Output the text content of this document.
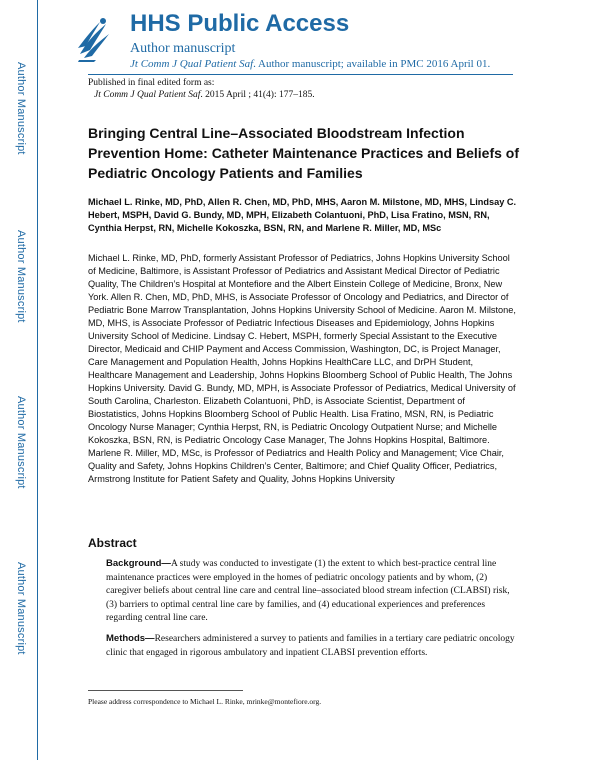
Author Manuscript
Author Manuscript
Author Manuscript
Author Manuscript
HHS Public Access
Author manuscript
Jt Comm J Qual Patient Saf. Author manuscript; available in PMC 2016 April 01.
Published in final edited form as:
Jt Comm J Qual Patient Saf. 2015 April ; 41(4): 177–185.
Bringing Central Line–Associated Bloodstream Infection Prevention Home: Catheter Maintenance Practices and Beliefs of Pediatric Oncology Patients and Families
Michael L. Rinke, MD, PhD, Allen R. Chen, MD, PhD, MHS, Aaron M. Milstone, MD, MHS, Lindsay C. Hebert, MSPH, David G. Bundy, MD, MPH, Elizabeth Colantuoni, PhD, Lisa Fratino, MSN, RN, Cynthia Herpst, RN, Michelle Kokoszka, BSN, RN, and Marlene R. Miller, MD, MSc
Michael L. Rinke, MD, PhD, formerly Assistant Professor of Pediatrics, Johns Hopkins University School of Medicine, Baltimore, is Assistant Professor of Pediatrics and Assistant Medical Director of Pediatric Quality, The Children’s Hospital at Montefiore and the Albert Einstein College of Medicine, Bronx, New York. Allen R. Chen, MD, PhD, MHS, is Associate Professor of Oncology and Pediatrics, and Director of Pediatric Bone Marrow Transplantation, Johns Hopkins University School of Medicine. Aaron M. Milstone, MD, MHS, is Associate Professor of Pediatric Infectious Diseases and Epidemiology, Johns Hopkins University School of Medicine. Lindsay C. Hebert, MSPH, formerly Special Assistant to the Executive Director, Medicaid and CHIP Payment and Access Commission, Washington, DC, is Project Manager, Care Management and Population Health, Johns Hopkins HealthCare LLC, and DrPH Student, Healthcare Management and Leadership, Johns Hopkins Bloomberg School of Public Health, The Johns Hopkins University. David G. Bundy, MD, MPH, is Associate Professor of Pediatrics, Medical University of South Carolina, Charleston. Elizabeth Colantuoni, PhD, is Associate Scientist, Department of Biostatistics, Johns Hopkins Bloomberg School of Public Health. Lisa Fratino, MSN, RN, is Pediatric Oncology Nurse Manager; Cynthia Herpst, RN, is Pediatric Oncology Outpatient Nurse; and Michelle Kokoszka, BSN, RN, is Pediatric Oncology Case Manager, The Johns Hopkins Hospital, Baltimore. Marlene R. Miller, MD, MSc, is Professor of Pediatrics and Health Policy and Management; Vice Chair, Quality and Safety, Johns Hopkins Children’s Center, Baltimore; and Chief Quality Officer, Pediatrics, Armstrong Institute for Patient Safety and Quality, Johns Hopkins University
Abstract
Background—A study was conducted to investigate (1) the extent to which best-practice central line maintenance practices were employed in the homes of pediatric oncology patients and by whom, (2) caregiver beliefs about central line care and central line–associated blood stream infection (CLABSI) risk, (3) barriers to optimal central line care by families, and (4) educational experiences and preferences regarding central line care.
Methods—Researchers administered a survey to patients and families in a tertiary care pediatric oncology clinic that engaged in rigorous ambulatory and inpatient CLABSI prevention efforts.
Please address correspondence to Michael L. Rinke, mrinke@montefiore.org.
